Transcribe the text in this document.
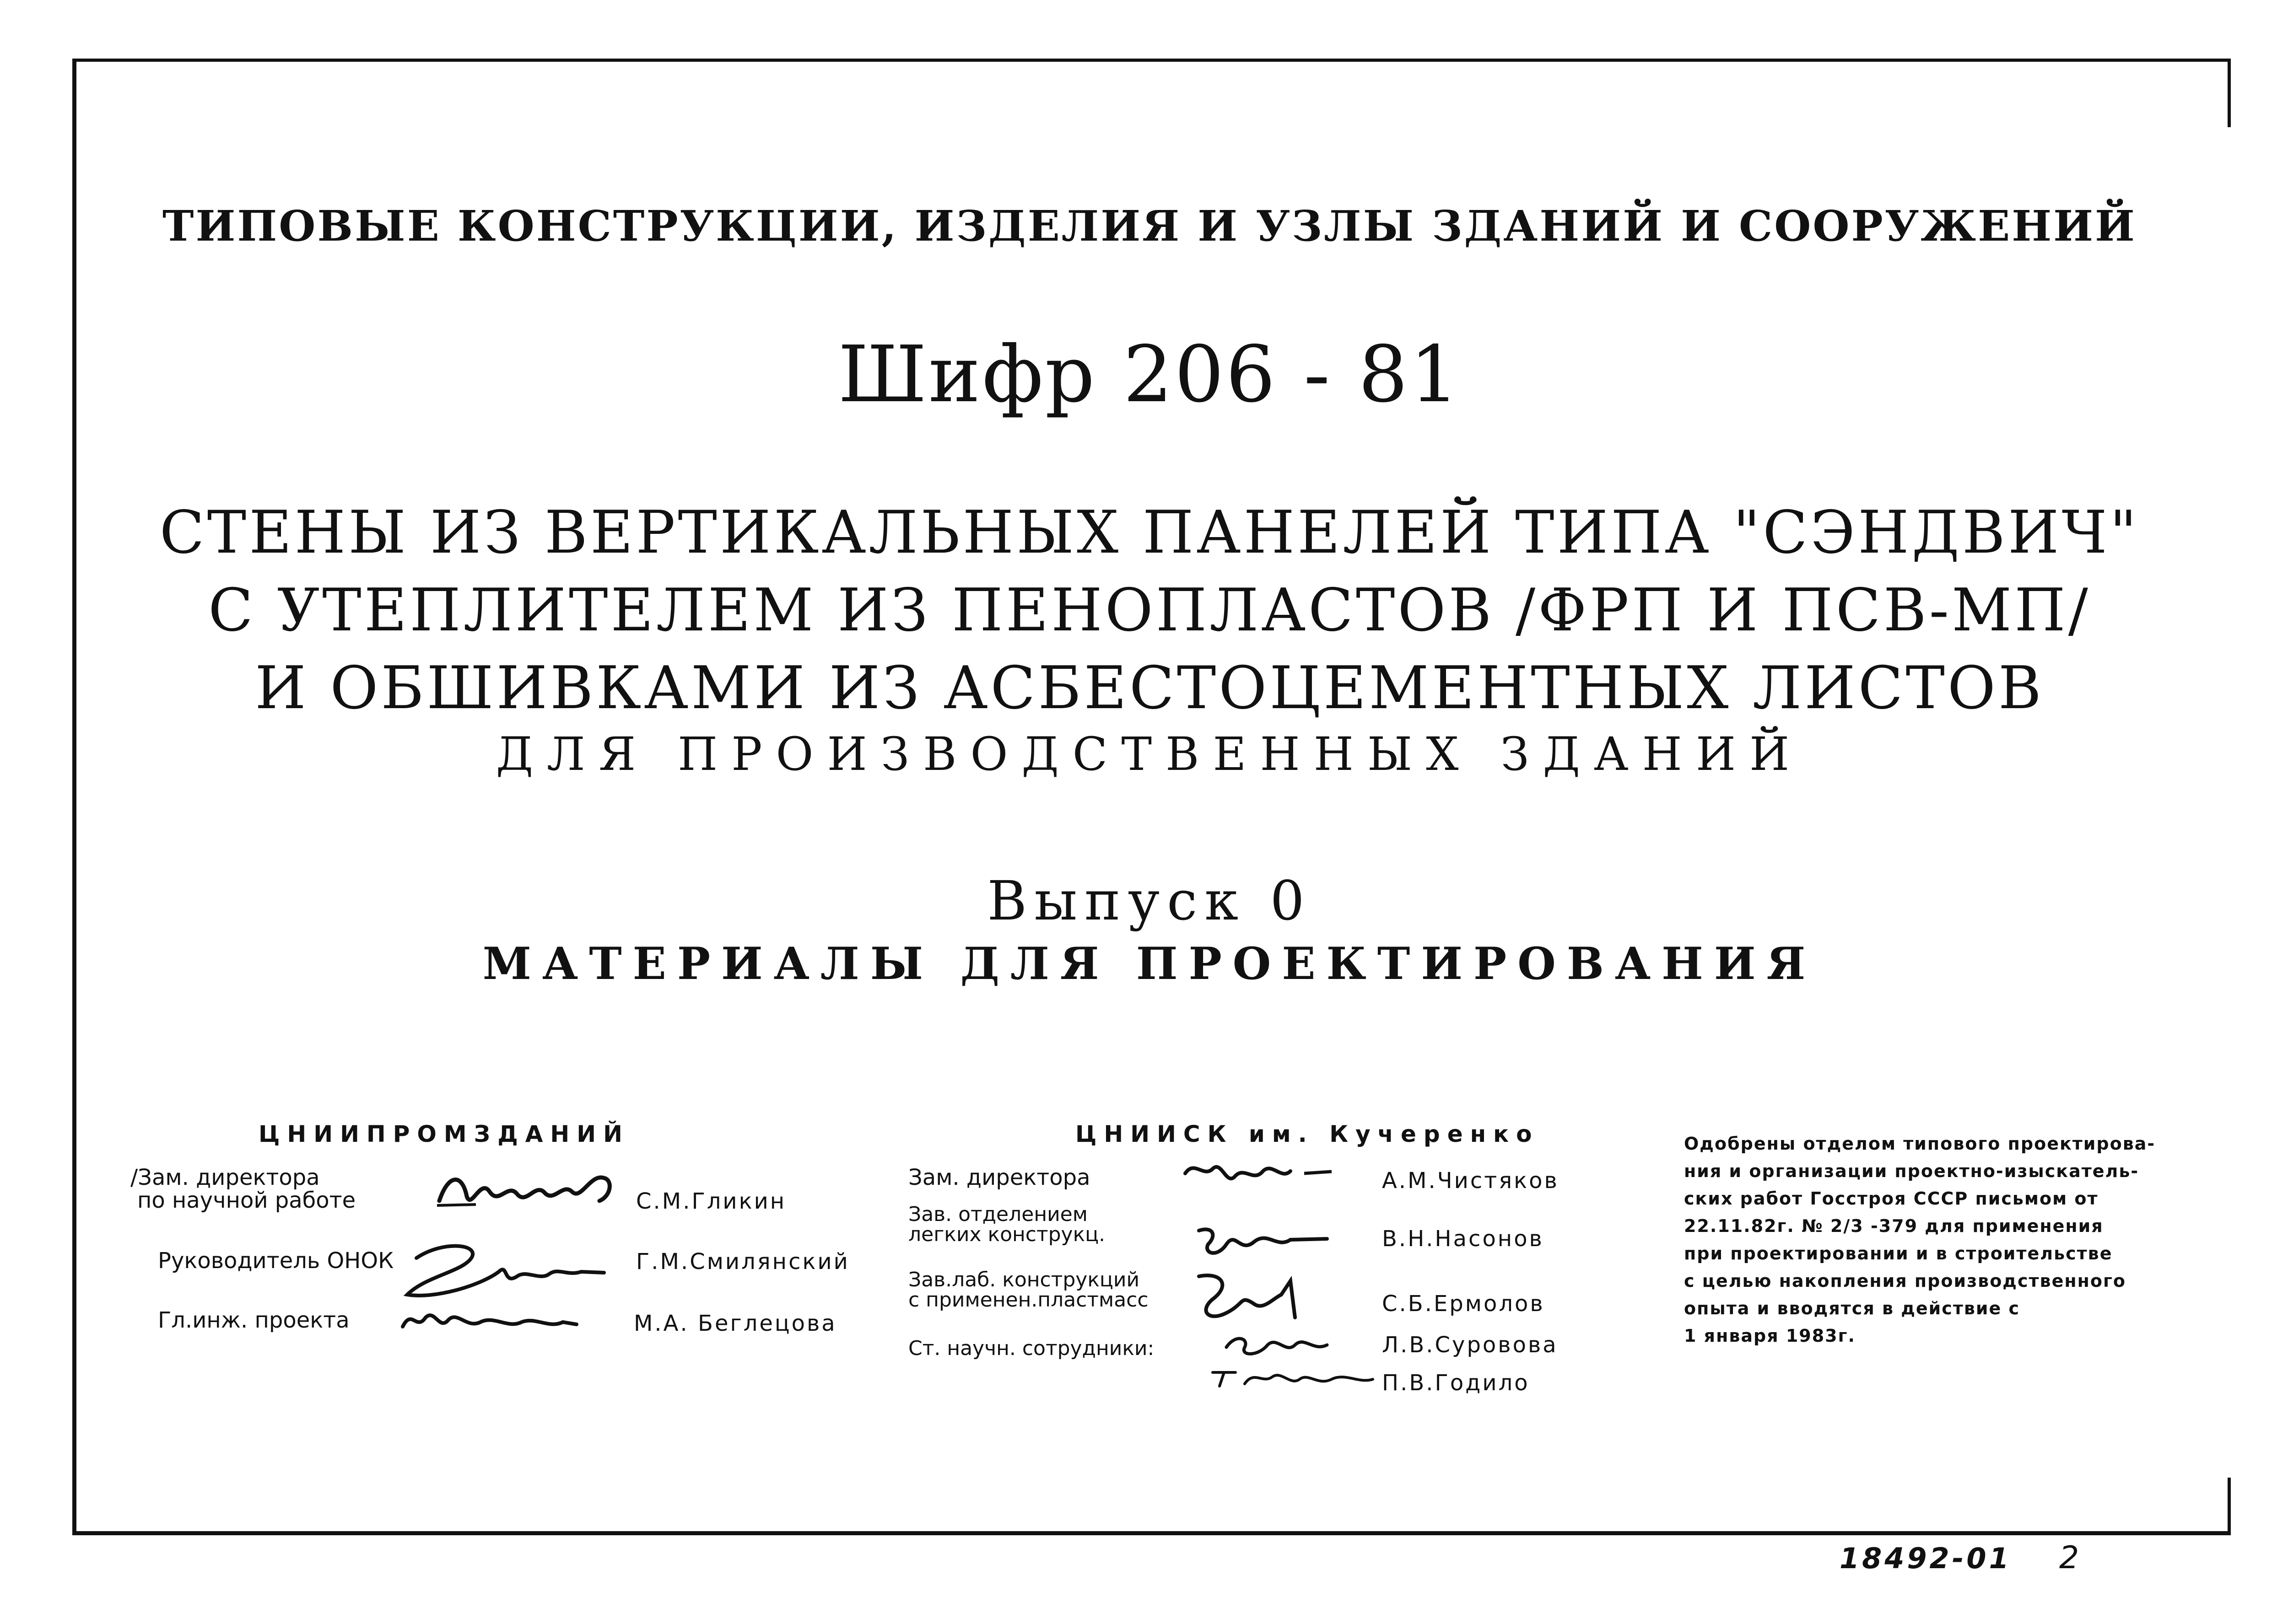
ТИПОВЫЕ КОНСТРУКЦИИ, ИЗДЕЛИЯ И УЗЛЫ ЗДАНИЙ И СООРУЖЕНИЙ
Шифр 206 - 81
СТЕНЫ ИЗ ВЕРТИКАЛЬНЫХ ПАНЕЛЕЙ ТИПА "СЭНДВИЧ"
С УТЕПЛИТЕЛЕМ ИЗ ПЕНОПЛАСТОВ /ФРП И ПСВ-МП/
И ОБШИВКАМИ ИЗ АСБЕСТОЦЕМЕНТНЫХ ЛИСТОВ
ДЛЯ ПРОИЗВОДСТВЕННЫХ ЗДАНИЙ
Выпуск 0
МАТЕРИАЛЫ ДЛЯ ПРОЕКТИРОВАНИЯ
ЦНИИПРОМЗДАНИЙ
/Зам. директора
по научной работе	С.М.Гликин
Руководитель ОНОК	Г.М.Смилянский
Гл.инж. проекта	М.А. Беглецова
ЦНИИСК им. Кучеренко
Зам. директора	А.М.Чистяков
Зав. отделением
легких конструкц.	В.Н.Насонов
Зав.лаб. конструкций
с применен.пластмасс	С.Б.Ермолов
Ст. научн. сотрудники:	Л.В.Суровова
П.В.Годило
Одобрены отделом типового проектирова-
ния и организации проектно-изыскатель-
ских работ Госстроя СССР письмом от
22.11.82г. № 2/3 -379 для применения
при проектировании и в строительстве
с целью накопления производственного
опыта и вводятся в действие с
1 января 1983г.
18492-01 2
